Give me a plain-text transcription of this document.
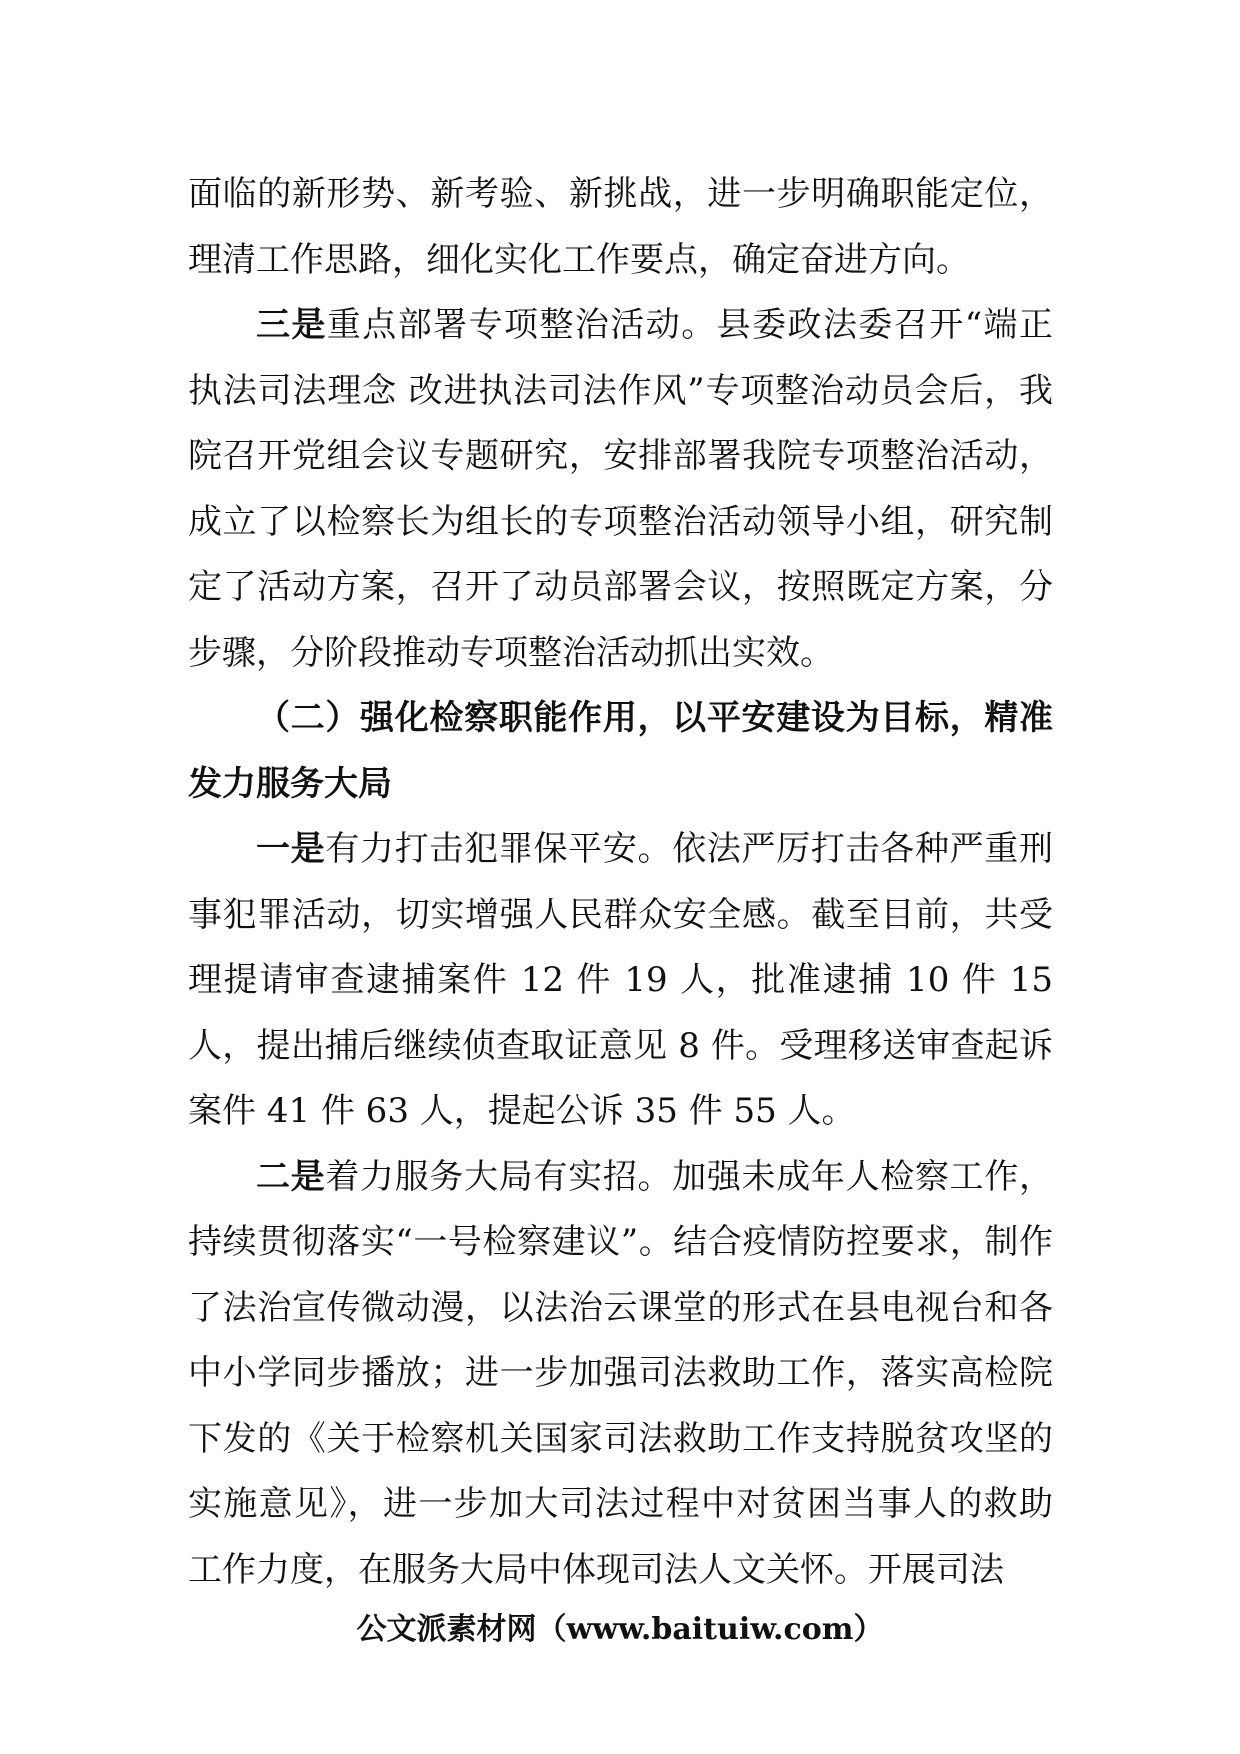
面临的新形势、新考验、新挑战，进一步明确职能定位，理清工作思路，细化实化工作要点，确定奋进方向。

三是重点部署专项整治活动。县委政法委召开“端正执法司法理念 改进执法司法作风”专项整治动员会后，我院召开党组会议专题研究，安排部署我院专项整治活动，成立了以检察长为组长的专项整治活动领导小组，研究制定了活动方案，召开了动员部署会议，按照既定方案，分步骤，分阶段推动专项整治活动抓出实效。

（二）强化检察职能作用，以平安建设为目标，精准发力服务大局

一是有力打击犯罪保平安。依法严厉打击各种严重刑事犯罪活动，切实增强人民群众安全感。截至目前，共受理提请审查逮捕案件 12 件 19 人，批准逮捕 10 件 15 人，提出捕后继续侦查取证意见 8 件。受理移送审查起诉案件 41 件 63 人，提起公诉 35 件 55 人。

二是着力服务大局有实招。加强未成年人检察工作，持续贯彻落实“一号检察建议”。结合疫情防控要求，制作了法治宣传微动漫，以法治云课堂的形式在县电视台和各中小学同步播放；进一步加强司法救助工作，落实高检院下发的《关于检察机关国家司法救助工作支持脱贫攻坚的实施意见》，进一步加大司法过程中对贫困当事人的救助工作力度，在服务大局中体现司法人文关怀。开展司法

公文派素材网（www.baituiw.com）
